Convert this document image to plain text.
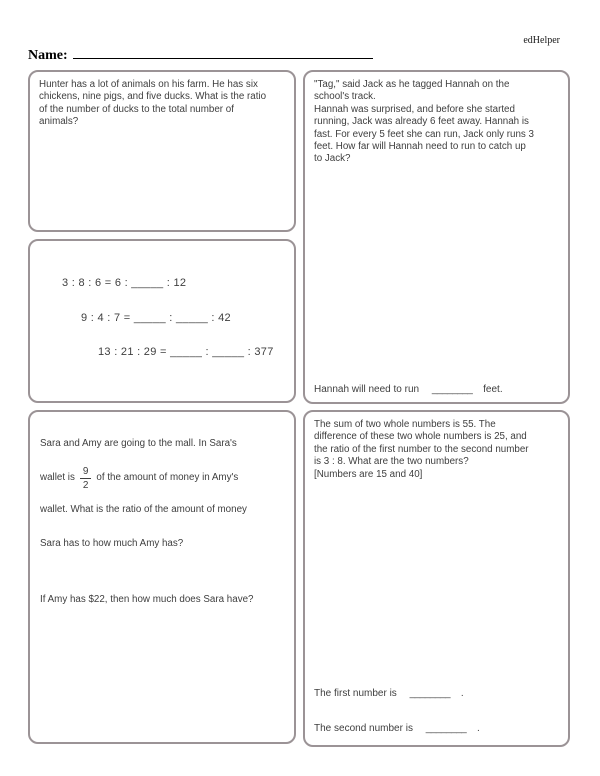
edHelper
Name:
Hunter has a lot of animals on his farm. He has six
chickens, nine pigs, and five ducks. What is the ratio
of the number of ducks to the total number of
animals?
3 : 8 : 6 = 6 : _____ : 12
9 : 4 : 7 = _____ : _____ : 42
13 : 21 : 29 = _____ : _____ : 377
Sara and Amy are going to the mall. In Sara's
wallet is $\frac{9}{2}$ of the amount of money in Amy's
wallet. What is the ratio of the amount of money
Sara has to how much Amy has?
If Amy has $22, then how much does Sara have?
"Tag," said Jack as he tagged Hannah on the
school's track.
Hannah was surprised, and before she started
running, Jack was already 6 feet away. Hannah is
fast. For every 5 feet she can run, Jack only runs 3
feet. How far will Hannah need to run to catch up
to Jack?
Hannah will need to run ________ feet.
The sum of two whole numbers is 55. The
difference of these two whole numbers is 25, and
the ratio of the first number to the second number
is 3 : 8. What are the two numbers?
[Numbers are 15 and 40]
The first number is ________ .
The second number is ________ .
